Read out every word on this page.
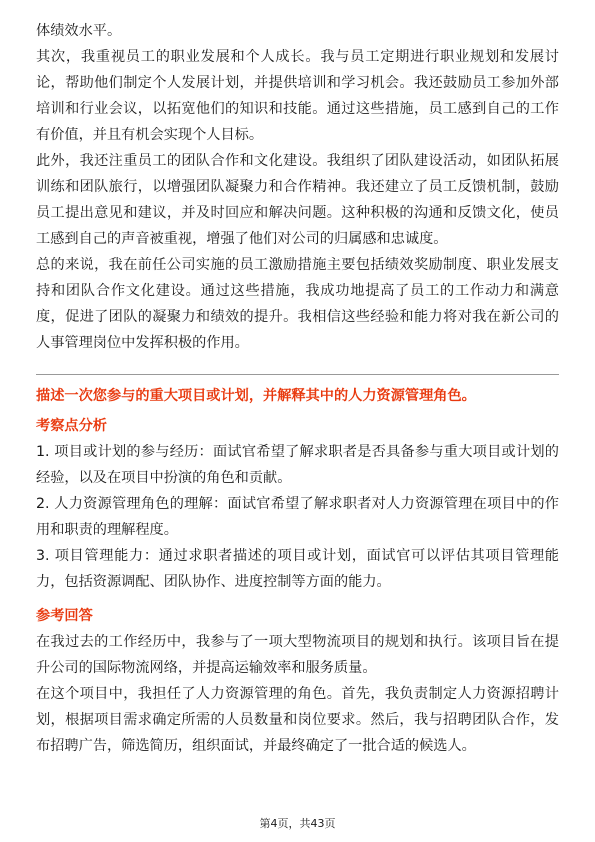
体绩效水平。

其次，我重视员工的职业发展和个人成长。我与员工定期进行职业规划和发展讨论，帮助他们制定个人发展计划，并提供培训和学习机会。我还鼓励员工参加外部培训和行业会议，以拓宽他们的知识和技能。通过这些措施，员工感到自己的工作有价值，并且有机会实现个人目标。

此外，我还注重员工的团队合作和文化建设。我组织了团队建设活动，如团队拓展训练和团队旅行，以增强团队凝聚力和合作精神。我还建立了员工反馈机制，鼓励员工提出意见和建议，并及时回应和解决问题。这种积极的沟通和反馈文化，使员工感到自己的声音被重视，增强了他们对公司的归属感和忠诚度。

总的来说，我在前任公司实施的员工激励措施主要包括绩效奖励制度、职业发展支持和团队合作文化建设。通过这些措施，我成功地提高了员工的工作动力和满意度，促进了团队的凝聚力和绩效的提升。我相信这些经验和能力将对我在新公司的人事管理岗位中发挥积极的作用。

描述一次您参与的重大项目或计划，并解释其中的人力资源管理角色。

考察点分析

1. 项目或计划的参与经历：面试官希望了解求职者是否具备参与重大项目或计划的经验，以及在项目中扮演的角色和贡献。

2. 人力资源管理角色的理解：面试官希望了解求职者对人力资源管理在项目中的作用和职责的理解程度。

3. 项目管理能力：通过求职者描述的项目或计划，面试官可以评估其项目管理能力，包括资源调配、团队协作、进度控制等方面的能力。

参考回答

在我过去的工作经历中，我参与了一项大型物流项目的规划和执行。该项目旨在提升公司的国际物流网络，并提高运输效率和服务质量。

在这个项目中，我担任了人力资源管理的角色。首先，我负责制定人力资源招聘计划，根据项目需求确定所需的人员数量和岗位要求。然后，我与招聘团队合作，发布招聘广告，筛选简历，组织面试，并最终确定了一批合适的候选人。

第4页，共43页
